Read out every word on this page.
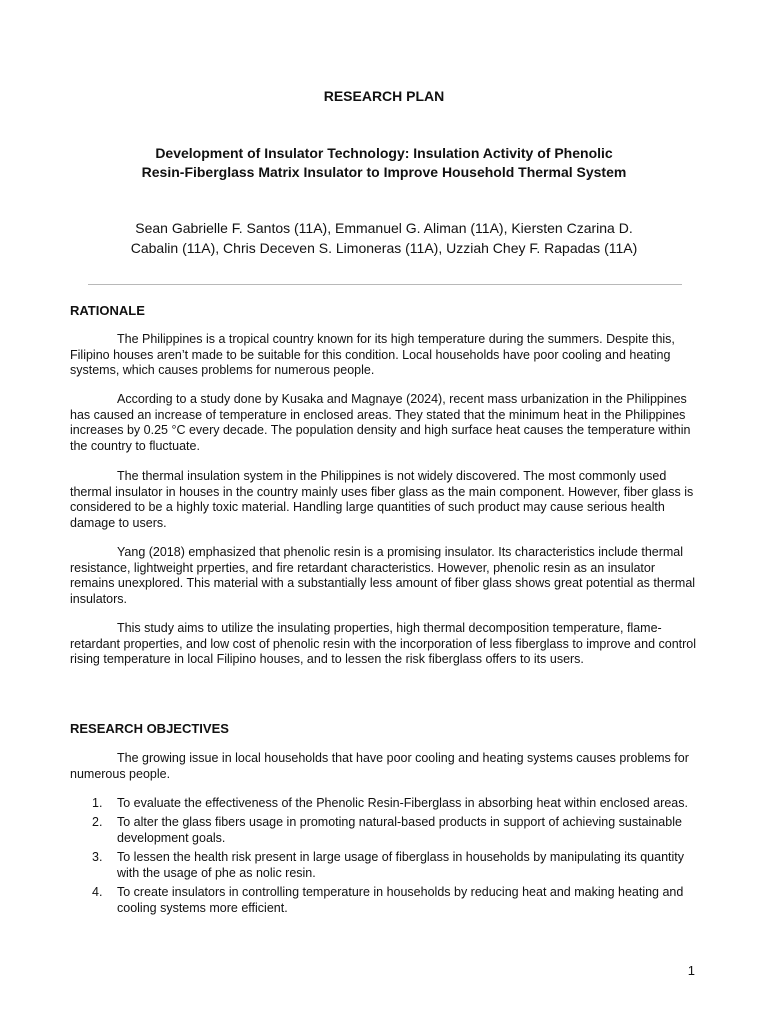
RESEARCH PLAN
Development of Insulator Technology: Insulation Activity of Phenolic
Resin-Fiberglass Matrix Insulator to Improve Household Thermal System
Sean Gabrielle F. Santos (11A), Emmanuel G. Aliman (11A), Kiersten Czarina D.
Cabalin (11A), Chris Deceven S. Limoneras (11A), Uzziah Chey F. Rapadas (11A)
RATIONALE

The Philippines is a tropical country known for its high temperature during the summers. Despite this, Filipino houses aren’t made to be suitable for this condition. Local households have poor cooling and heating systems, which causes problems for numerous people.

According to a study done by Kusaka and Magnaye (2024), recent mass urbanization in the Philippines has caused an increase of temperature in enclosed areas. They stated that the minimum heat in the Philippines increases by 0.25 °C every decade. The population density and high surface heat causes the temperature within the country to fluctuate.

The thermal insulation system in the Philippines is not widely discovered. The most commonly used thermal insulator in houses in the country mainly uses fiber glass as the main component. However, fiber glass is considered to be a highly toxic material. Handling large quantities of such product may cause serious health damage to users.

Yang (2018) emphasized that phenolic resin is a promising insulator. Its characteristics include thermal resistance, lightweight prperties, and fire retardant characteristics. However, phenolic resin as an insulator remains unexplored. This material with a substantially less amount of fiber glass shows great potential as thermal insulators.

This study aims to utilize the insulating properties, high thermal decomposition temperature, flame-retardant properties, and low cost of phenolic resin with the incorporation of less fiberglass to improve and control rising temperature in local Filipino houses, and to lessen the risk fiberglass offers to its users.

RESEARCH OBJECTIVES

The growing issue in local households that have poor cooling and heating systems causes problems for numerous people.

1. To evaluate the effectiveness of the Phenolic Resin-Fiberglass in absorbing heat within enclosed areas.
2. To alter the glass fibers usage in promoting natural-based products in support of achieving sustainable development goals.
3. To lessen the health risk present in large usage of fiberglass in households by manipulating its quantity with the usage of phe as nolic resin.
4. To create insulators in controlling temperature in households by reducing heat and making heating and cooling systems more efficient.
1
